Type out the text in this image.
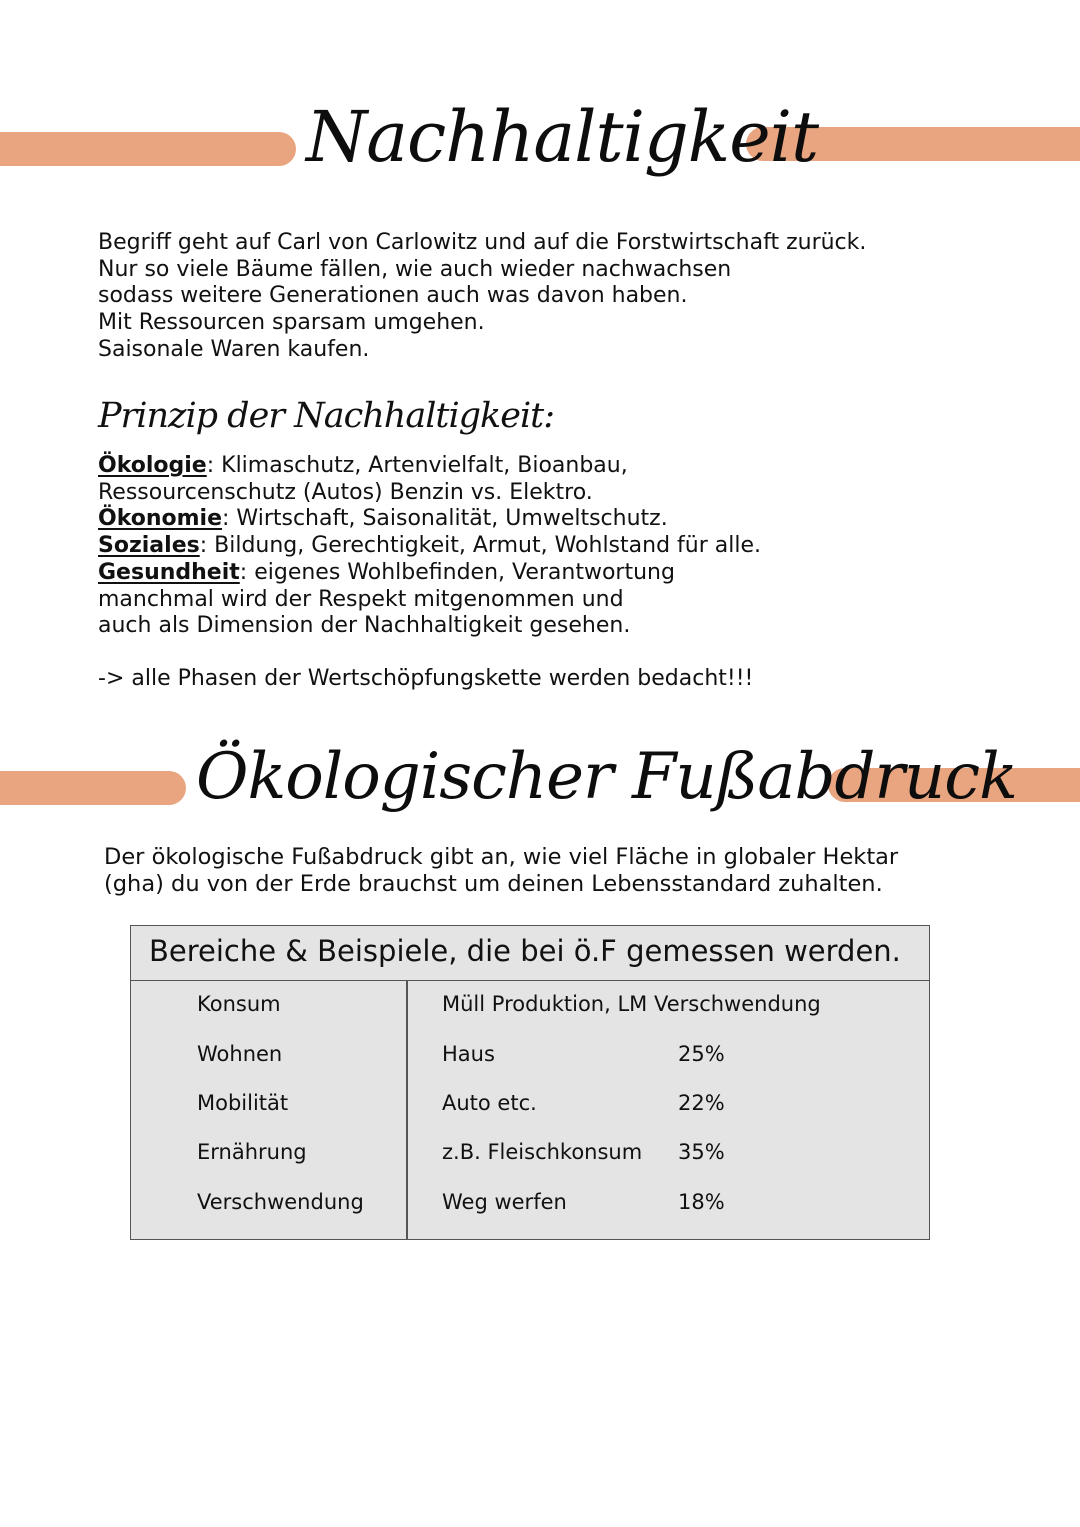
Nachhaltigkeit

Begriff geht auf Carl von Carlowitz und auf die Forstwirtschaft zurück.

Nur so viele Bäume fällen, wie auch wieder nachwachsen

sodass weitere Generationen auch was davon haben.

Mit Ressourcen sparsam umgehen.

Saisonale Waren kaufen.

Prinzip der Nachhaltigkeit:

Ökologie: Klimaschutz, Artenvielfalt, Bioanbau,

Ressourcenschutz (Autos) Benzin vs. Elektro.

Ökonomie: Wirtschaft, Saisonalität, Umweltschutz.

Soziales: Bildung, Gerechtigkeit, Armut, Wohlstand für alle.

Gesundheit: eigenes Wohlbefinden, Verantwortung

manchmal wird der Respekt mitgenommen und

auch als Dimension der Nachhaltigkeit gesehen.

-> alle Phasen der Wertschöpfungskette werden bedacht!!!

Ökologischer Fußabdruck

Der ökologische Fußabdruck gibt an, wie viel Fläche in globaler Hektar

(gha) du von der Erde brauchst um deinen Lebensstandard zuhalten.

Bereiche & Beispiele, die bei ö.F gemessen werden.
Konsum	Müll Produktion, LM Verschwendung
Wohnen	Haus	25%
Mobilität	Auto etc.	22%
Ernährung	z.B. Fleischkonsum 35%
Verschwendung	Weg werfen	18%
